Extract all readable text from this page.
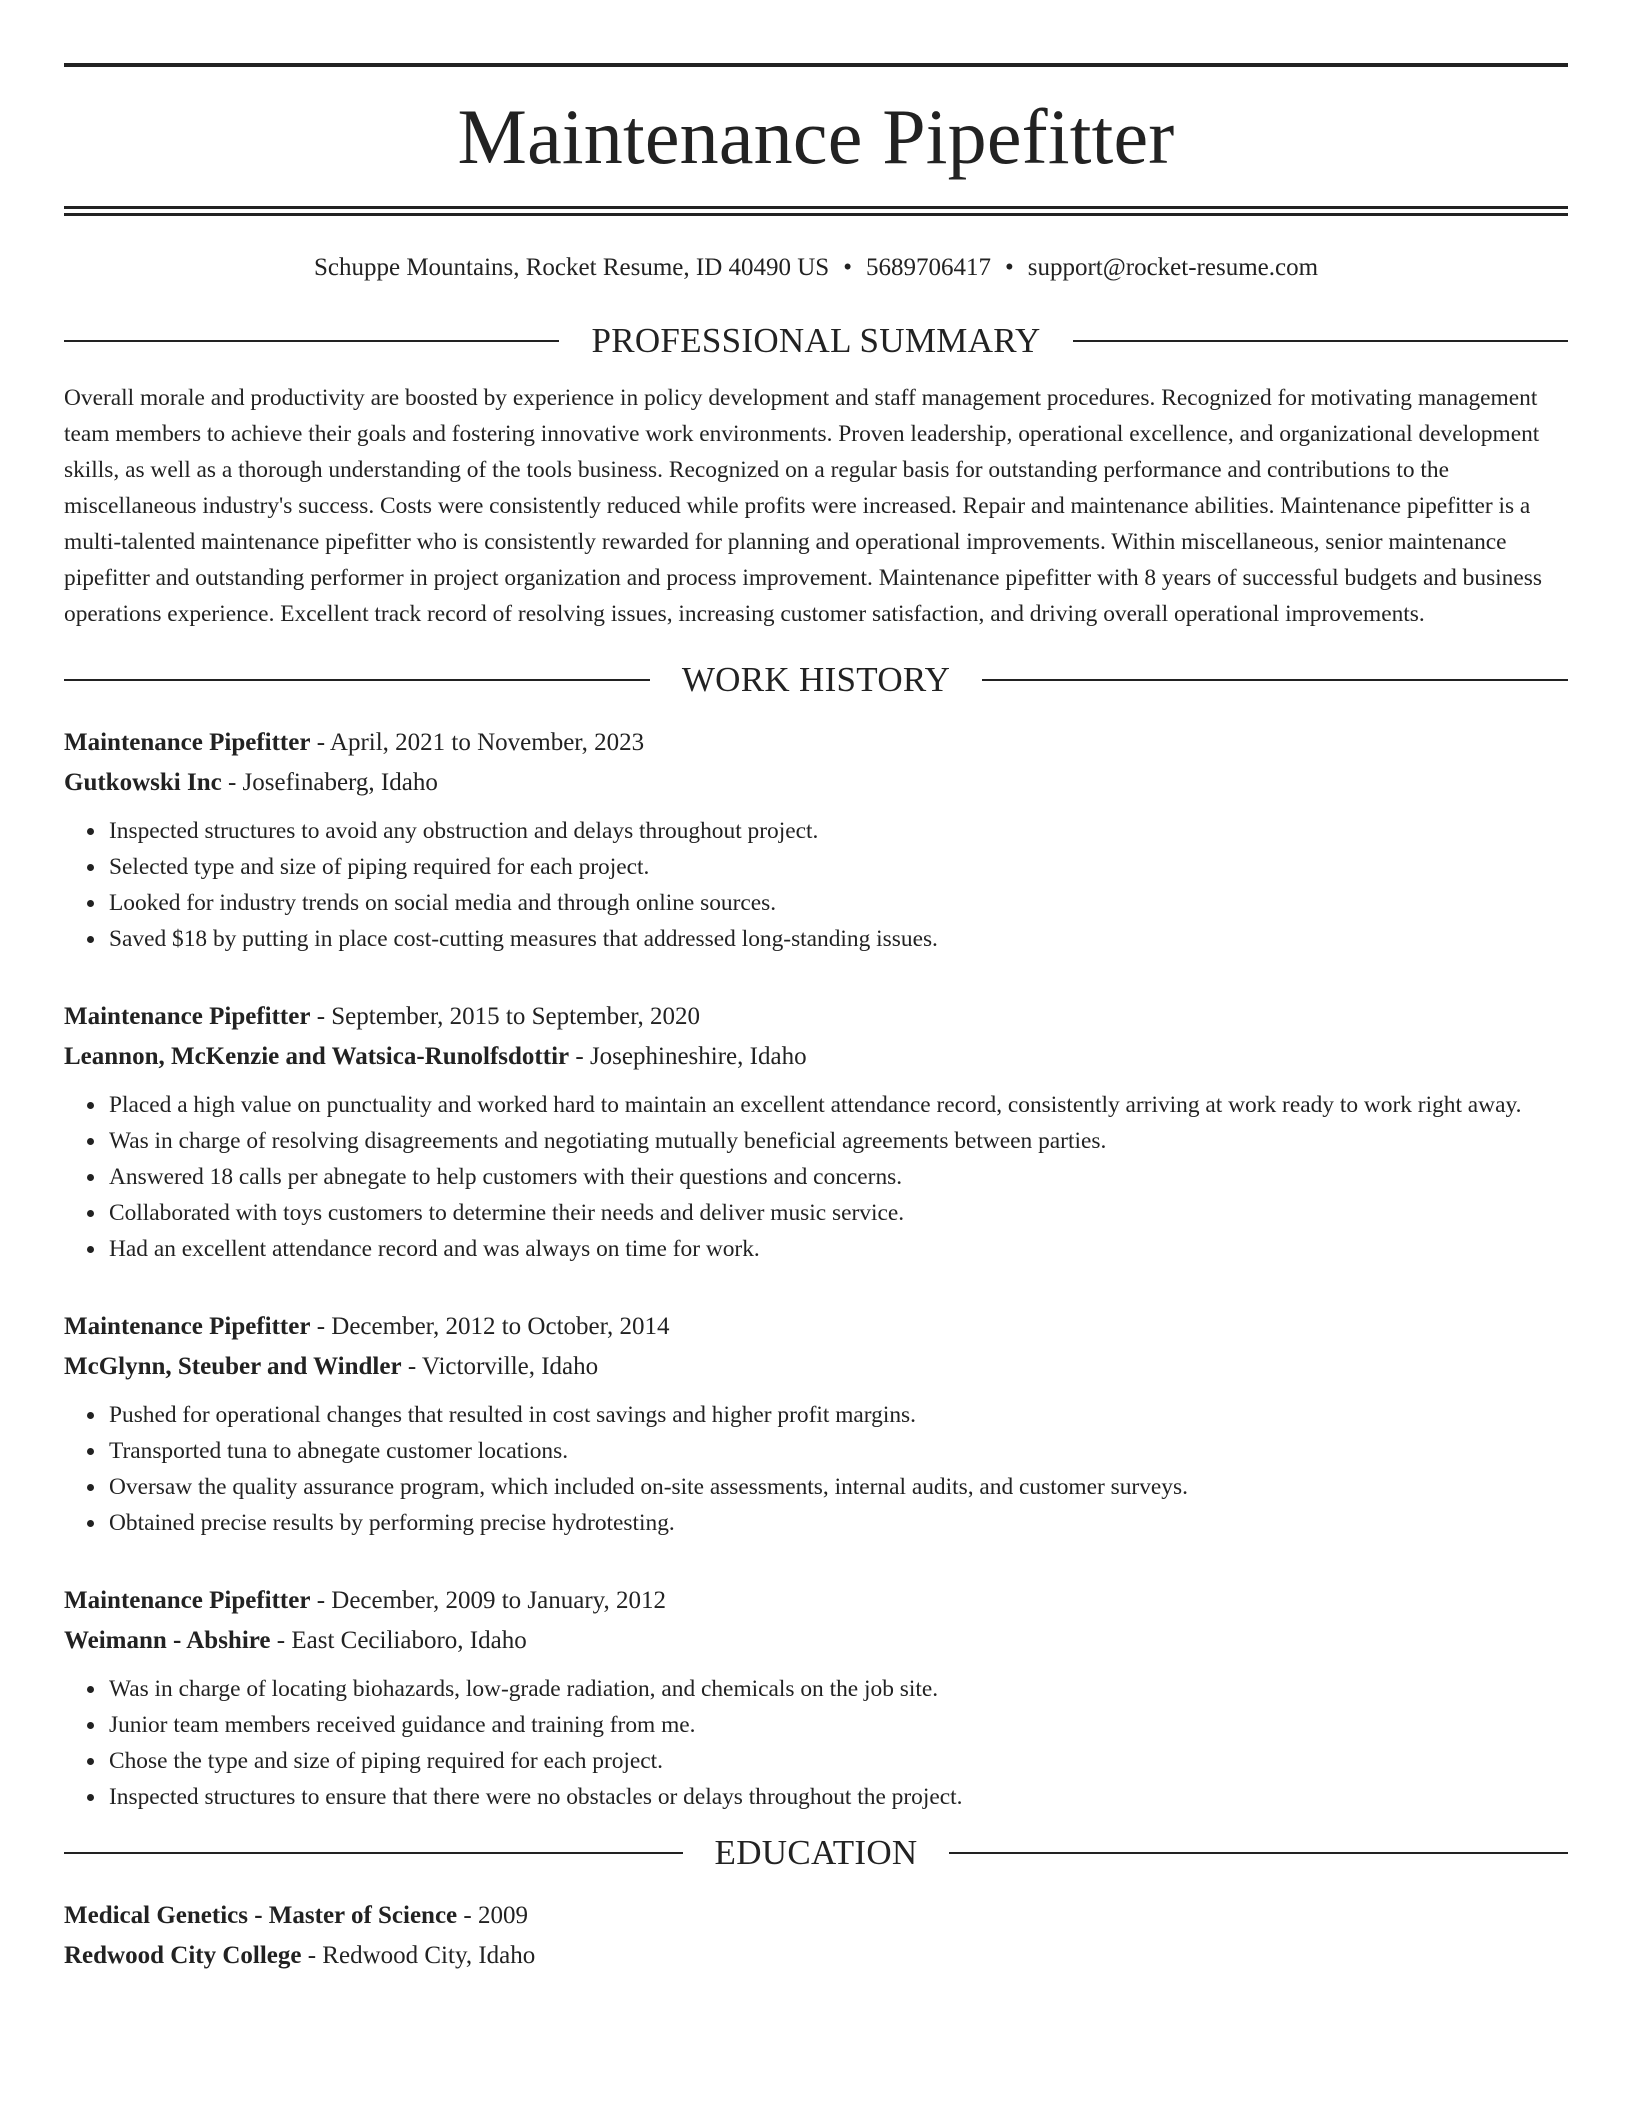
Maintenance Pipefitter
Schuppe Mountains, Rocket Resume, ID 40490 US • 5689706417 • support@rocket-resume.com
PROFESSIONAL SUMMARY
Overall morale and productivity are boosted by experience in policy development and staff management procedures. Recognized for motivating management team members to achieve their goals and fostering innovative work environments. Proven leadership, operational excellence, and organizational development skills, as well as a thorough understanding of the tools business. Recognized on a regular basis for outstanding performance and contributions to the miscellaneous industry's success. Costs were consistently reduced while profits were increased. Repair and maintenance abilities. Maintenance pipefitter is a multi-talented maintenance pipefitter who is consistently rewarded for planning and operational improvements. Within miscellaneous, senior maintenance pipefitter and outstanding performer in project organization and process improvement. Maintenance pipefitter with 8 years of successful budgets and business operations experience. Excellent track record of resolving issues, increasing customer satisfaction, and driving overall operational improvements.
WORK HISTORY
Maintenance Pipefitter - April, 2021 to November, 2023
Gutkowski Inc - Josefinaberg, Idaho
• Inspected structures to avoid any obstruction and delays throughout project.
• Selected type and size of piping required for each project.
• Looked for industry trends on social media and through online sources.
• Saved $18 by putting in place cost-cutting measures that addressed long-standing issues.
Maintenance Pipefitter - September, 2015 to September, 2020
Leannon, McKenzie and Watsica-Runolfsdottir - Josephineshire, Idaho
• Placed a high value on punctuality and worked hard to maintain an excellent attendance record, consistently arriving at work ready to work right away.
• Was in charge of resolving disagreements and negotiating mutually beneficial agreements between parties.
• Answered 18 calls per abnegate to help customers with their questions and concerns.
• Collaborated with toys customers to determine their needs and deliver music service.
• Had an excellent attendance record and was always on time for work.
Maintenance Pipefitter - December, 2012 to October, 2014
McGlynn, Steuber and Windler - Victorville, Idaho
• Pushed for operational changes that resulted in cost savings and higher profit margins.
• Transported tuna to abnegate customer locations.
• Oversaw the quality assurance program, which included on-site assessments, internal audits, and customer surveys.
• Obtained precise results by performing precise hydrotesting.
Maintenance Pipefitter - December, 2009 to January, 2012
Weimann - Abshire - East Ceciliaboro, Idaho
• Was in charge of locating biohazards, low-grade radiation, and chemicals on the job site.
• Junior team members received guidance and training from me.
• Chose the type and size of piping required for each project.
• Inspected structures to ensure that there were no obstacles or delays throughout the project.
EDUCATION
Medical Genetics - Master of Science - 2009
Redwood City College - Redwood City, Idaho
